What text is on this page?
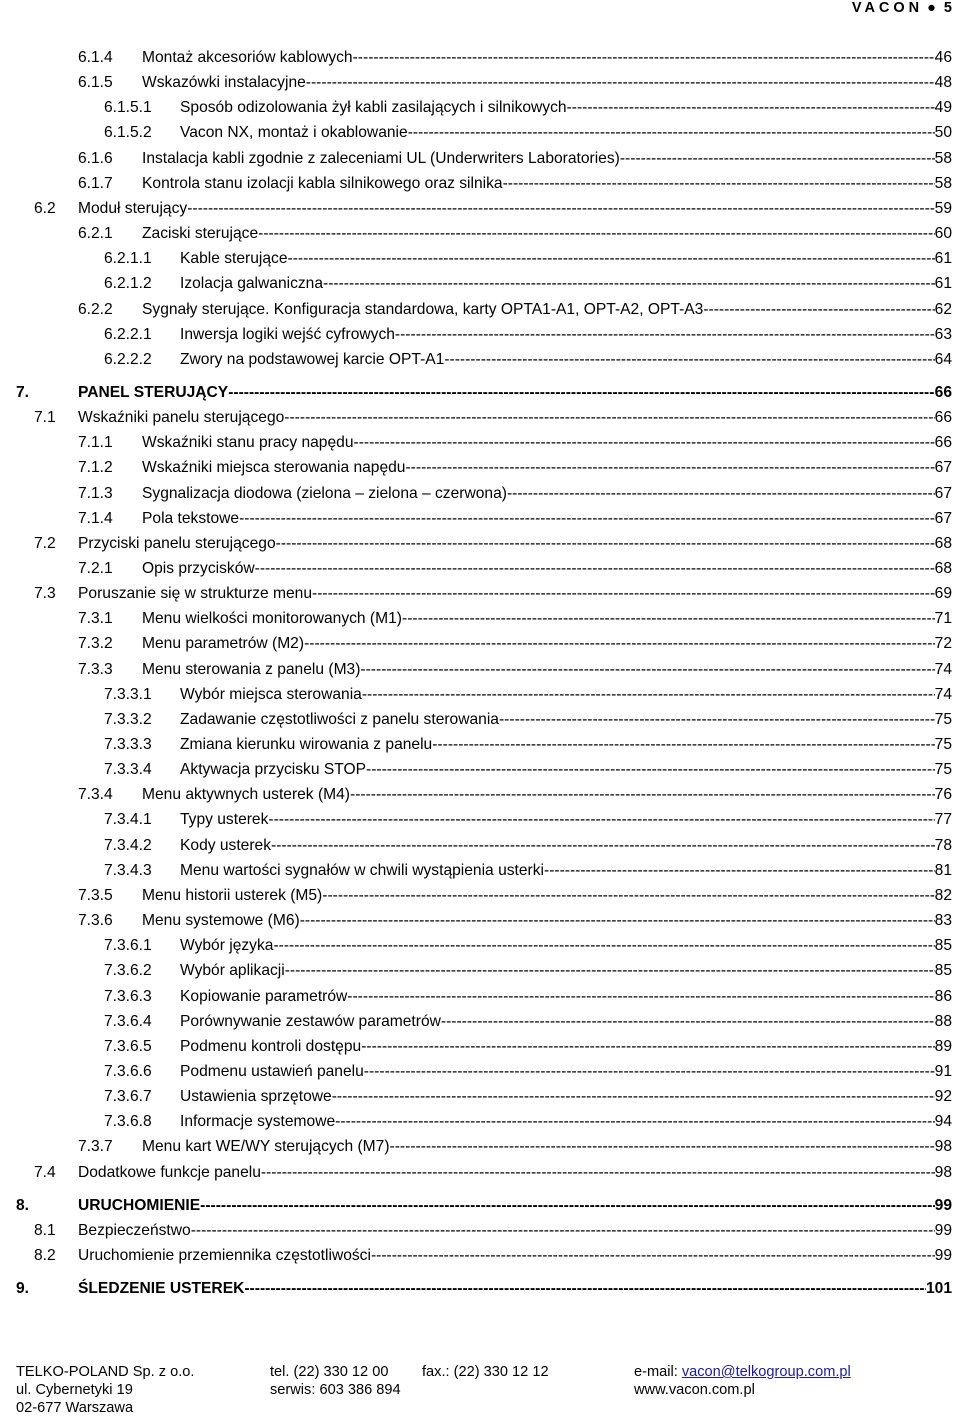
VACON ● 5
6.1.4	Montaż akcesoriów kablowych -----	46
6.1.5	Wskazówki instalacyjne -----	48
6.1.5.1	Sposób odizolowania żył kabli zasilających i silnikowych -----	49
6.1.5.2	Vacon NX, montaż i okablowanie -----	50
6.1.6	Instalacja kabli zgodnie z zaleceniami UL (Underwriters Laboratories) -----	58
6.1.7	Kontrola stanu izolacji kabla silnikowego oraz silnika -----	58
6.2	Moduł sterujący -----	59
6.2.1	Zaciski sterujące -----	60
6.2.1.1	Kable sterujące -----	61
6.2.1.2	Izolacja galwaniczna -----	61
6.2.2	Sygnały sterujące. Konfiguracja standardowa, karty OPTA1-A1, OPT-A2, OPT-A3 -----	62
6.2.2.1	Inwersja logiki wejść cyfrowych -----	63
6.2.2.2	Zwory na podstawowej karcie OPT-A1 -----	64
7.	PANEL STERUJĄCY -----	66
7.1	Wskaźniki panelu sterującego -----	66
7.1.1	Wskaźniki stanu pracy napędu -----	66
7.1.2	Wskaźniki miejsca sterowania napędu -----	67
7.1.3	Sygnalizacja diodowa (zielona – zielona – czerwona) -----	67
7.1.4	Pola tekstowe -----	67
7.2	Przyciski panelu sterującego -----	68
7.2.1	Opis przycisków -----	68
7.3	Poruszanie się w strukturze menu -----	69
7.3.1	Menu wielkości monitorowanych (M1) -----	71
7.3.2	Menu parametrów (M2) -----	72
7.3.3	Menu sterowania z panelu (M3) -----	74
7.3.3.1	Wybór miejsca sterowania -----	74
7.3.3.2	Zadawanie częstotliwości z panelu sterowania -----	75
7.3.3.3	Zmiana kierunku wirowania z panelu -----	75
7.3.3.4	Aktywacja przycisku STOP -----	75
7.3.4	Menu aktywnych usterek (M4) -----	76
7.3.4.1	Typy usterek -----	77
7.3.4.2	Kody usterek -----	78
7.3.4.3	Menu wartości sygnałów w chwili wystąpienia usterki -----	81
7.3.5	Menu historii usterek (M5) -----	82
7.3.6	Menu systemowe (M6) -----	83
7.3.6.1	Wybór języka -----	85
7.3.6.2	Wybór aplikacji -----	85
7.3.6.3	Kopiowanie parametrów -----	86
7.3.6.4	Porównywanie zestawów parametrów -----	88
7.3.6.5	Podmenu kontroli dostępu -----	89
7.3.6.6	Podmenu ustawień panelu -----	91
7.3.6.7	Ustawienia sprzętowe -----	92
7.3.6.8	Informacje systemowe -----	94
7.3.7	Menu kart WE/WY sterujących (M7) -----	98
7.4	Dodatkowe funkcje panelu -----	98
8.	URUCHOMIENIE -----	99
8.1	Bezpieczeństwo -----	99
8.2	Uruchomienie przemiennika częstotliwości -----	99
9.	ŚLEDZENIE USTEREK -----	101
TELKO-POLAND Sp. z o.o.	tel. (22) 330 12 00	fax.: (22) 330 12 12	e-mail: vacon@telkogroup.com.pl
ul. Cybernetyki 19	serwis: 603 386 894	www.vacon.com.pl
02-677 Warszawa
